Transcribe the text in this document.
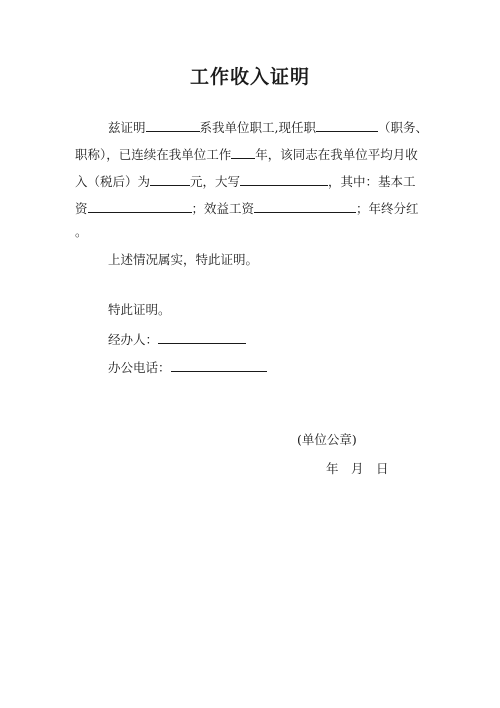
工作收入证明
兹证明	系我单位职工,现任职	（职务、
职称），已连续在我单位工作 年，该同志在我单位平均月收
入（税后）为	元，大写	，其中：基本工
资	；效益工资	；年终分红
。
上述情况属实，特此证明。
特此证明。
经办人：
办公电话：
(单位公章)
年　月　日
